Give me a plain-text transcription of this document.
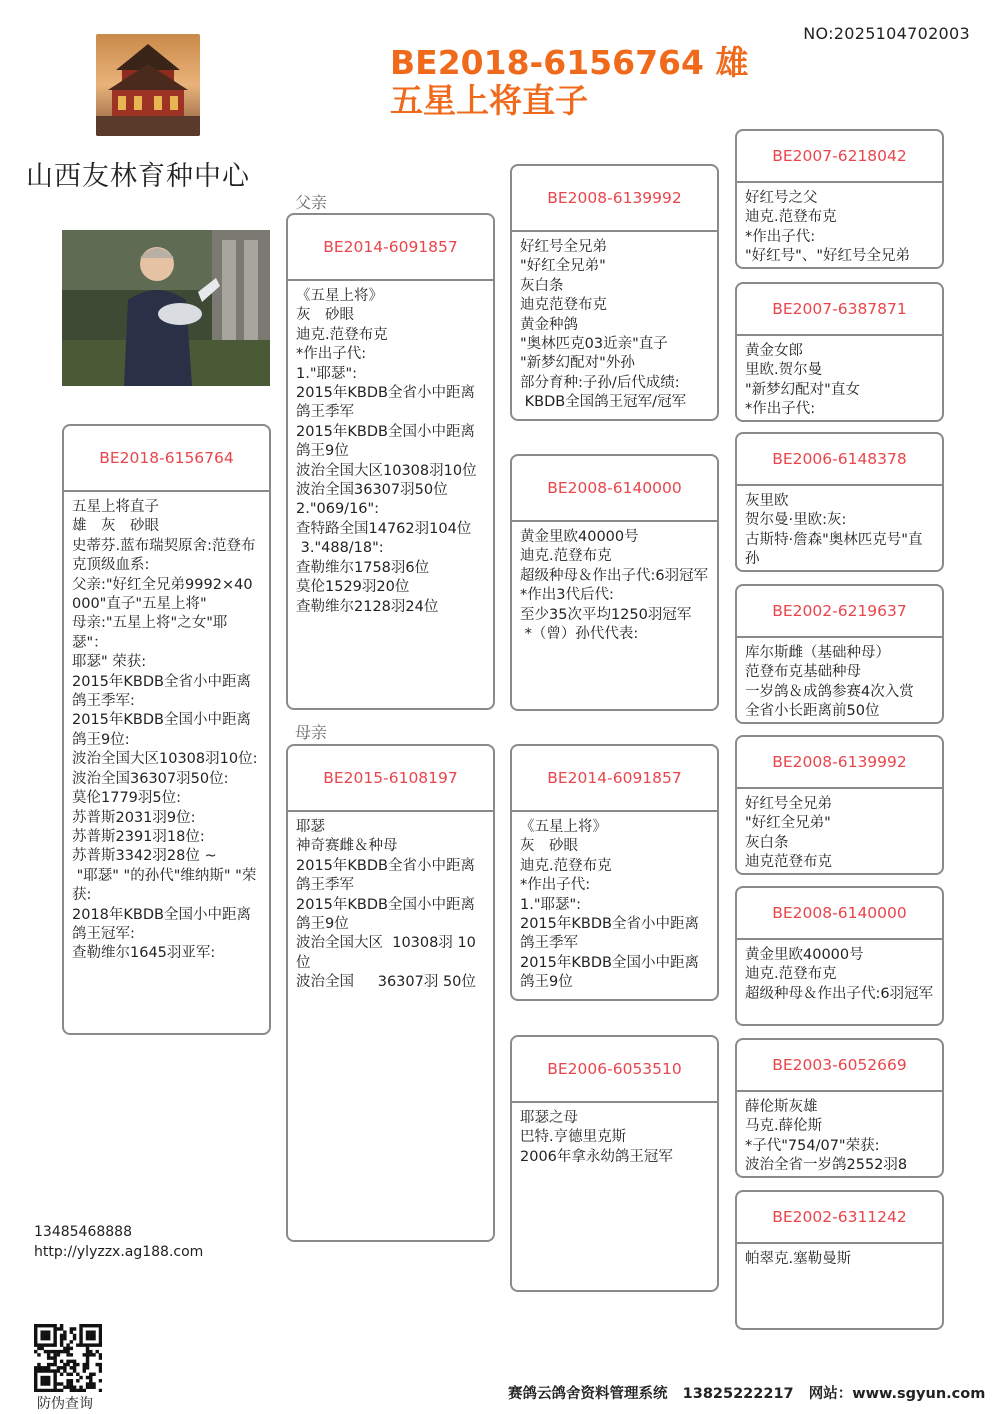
NO:2025104702003
山西友林育种中心
BE2018-6156764 雄
五星上将直子
父亲
母亲
BE2018-6156764
五星上将直子
雄　灰　砂眼
史蒂芬.蓝布瑞契原舍:范登布克顶级血系:
父亲:"好红全兄弟9992×40000"直子"五星上将"
母亲:"五星上将"之女"耶瑟"：
耶瑟" 荣获:
2015年KBDB全省小中距离鸽王季军:
2015年KBDB全国小中距离鸽王9位:
波治全国大区10308羽10位:
波治全国36307羽50位:
莫伦1779羽5位:
苏普斯2031羽9位:
苏普斯2391羽18位:
苏普斯3342羽28位 ~
"耶瑟" "的孙代"维纳斯" "荣 获:
2018年KBDB全国小中距离鸽王冠军:
查勒维尔1645羽亚军:
BE2014-6091857
《五星上将》
灰　砂眼
迪克.范登布克
*作出子代:
1."耶瑟":
2015年KBDB全省小中距离鸽王季军
2015年KBDB全国小中距离鸽王9位
波治全国大区10308羽10位
波治全国36307羽50位
2."069/16":
查特路全国14762羽104位
3."488/18":
查勒维尔1758羽6位
莫伦1529羽20位
查勒维尔2128羽24位
BE2015-6108197
耶瑟
神奇赛雌＆种母
2015年KBDB全省小中距离鸽王季军
2015年KBDB全国小中距离鸽王9位
波治全国大区  10308羽 10位
波治全国　  36307羽 50位
BE2008-6139992
好红号全兄弟
"好红全兄弟"
灰白条
迪克范登布克
黄金种鸽
"奥林匹克03近亲"直子
"新梦幻配对"外孙
部分育种:子孙/后代成绩:
KBDB全国鸽王冠军/冠军
BE2008-6140000
黄金里欧40000号
迪克.范登布克
超级种母＆作出子代:6羽冠军
*作出3代后代:
至少35次平均1250羽冠军
*（曾）孙代代表:
BE2014-6091857
《五星上将》
灰　砂眼
迪克.范登布克
*作出子代:
1."耶瑟":
2015年KBDB全省小中距离鸽王季军
2015年KBDB全国小中距离鸽王9位
BE2006-6053510
耶瑟之母
巴特.亨德里克斯
2006年拿永幼鸽王冠军
BE2007-6218042
好红号之父
迪克.范登布克
*作出子代:
"好红号"、"好红号全兄弟
BE2007-6387871
黄金女郎
里欧.贺尔曼
"新梦幻配对"直女
*作出子代:
BE2006-6148378
灰里欧
贺尔曼·里欧:灰:
古斯特·詹森"奥林匹克号"直孙
BE2002-6219637
库尔斯雌（基础种母）
范登布克基础种母
一岁鸽＆成鸽参赛4次入赏
全省小长距离前50位
BE2008-6139992
好红号全兄弟
"好红全兄弟"
灰白条
迪克范登布克
BE2008-6140000
黄金里欧40000号
迪克.范登布克
超级种母＆作出子代:6羽冠军
BE2003-6052669
薛伦斯灰雄
马克.薛伦斯
*子代"754/07"荣获:
波治全省一岁鸽2552羽8
BE2002-6311242
帕翠克.塞勒曼斯
13485468888
http://ylyzzx.ag188.com
防伪查询
赛鸽云鸽舍资料管理系统   13825222217   网站：www.sgyun.com
